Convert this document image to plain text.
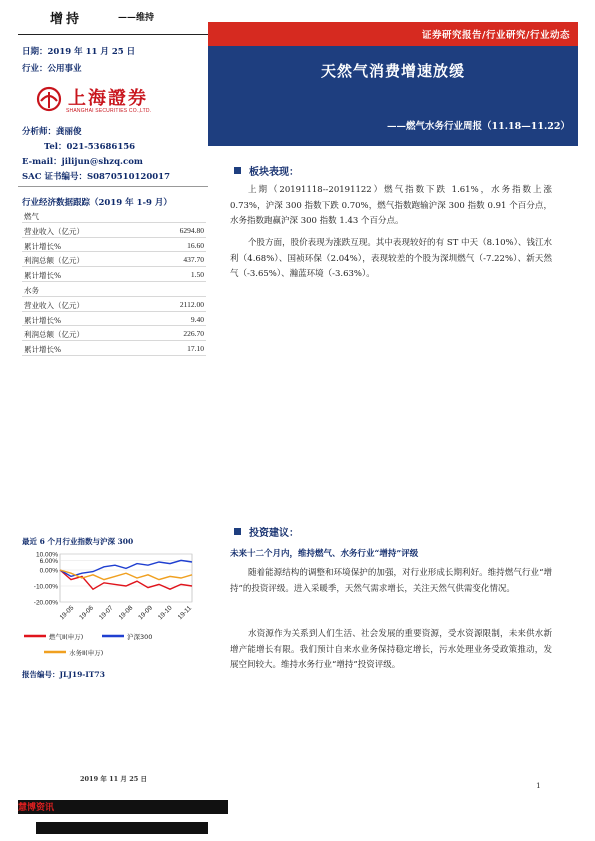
增持	——维持
证券研究报告/行业研究/行业动态
天然气消费增速放缓
——燃气水务行业周报（11.18—11.22）
日期：2019 年 11 月 25 日
行业：公用事业
上海證券
SHANGHAI SECURITIES CO.,LTD.
分析师：龚丽俊
Tel：021-53686156
E-mail：jilijun@shzq.com
SAC 证书编号：S0870510120017
行业经济数据跟踪（2019 年 1-9 月）
燃气
营业收入（亿元）	6294.80
累计增长%	16.60
利润总额（亿元）	437.70
累计增长%	1.50
水务
营业收入（亿元）	2112.00
累计增长%	9.40
利润总额（亿元）	226.70
累计增长%	17.10
最近 6 个月行业指数与沪深 300
10.00%
6.00%
0.00%
-10.00%
-20.00%
19-05 19-06 19-07 19-08 19-09 19-10 19-11
燃气Ⅱ(申万)	沪深300
水务Ⅱ(申万)
报告编号：JLJ19-IT73
板块表现：
上期（20191118--20191122）燃气指数下跌 1.61%，水务指数上涨 0.73%，沪深 300 指数下跌 0.70%，燃气指数跑输沪深 300 指数 0.91 个百分点，水务指数跑赢沪深 300 指数 1.43 个百分点。
个股方面，股价表现为涨跌互现。其中表现较好的有 ST 中天（8.10%）、钱江水利（4.68%）、国祯环保（2.04%），表现较差的个股为深圳燃气（-7.22%）、新天然气（-3.65%）、瀚蓝环境（-3.63%）。
投资建议：
未来十二个月内，维持燃气、水务行业“增持”评级
随着能源结构的调整和环境保护的加强，对行业形成长期利好。维持燃气行业“增持”的投资评级。进入采暖季，天然气需求增长，关注天然气供需变化情况。
水资源作为关系到人们生活、社会发展的重要资源，受水资源限制，未来供水新增产能增长有限。我们预计自来水业务保持稳定增长，污水处理业务受政策推动，发展空间较大。维持水务行业“增持”投资评级。
2019 年 11 月 25 日
1
慧博资讯
